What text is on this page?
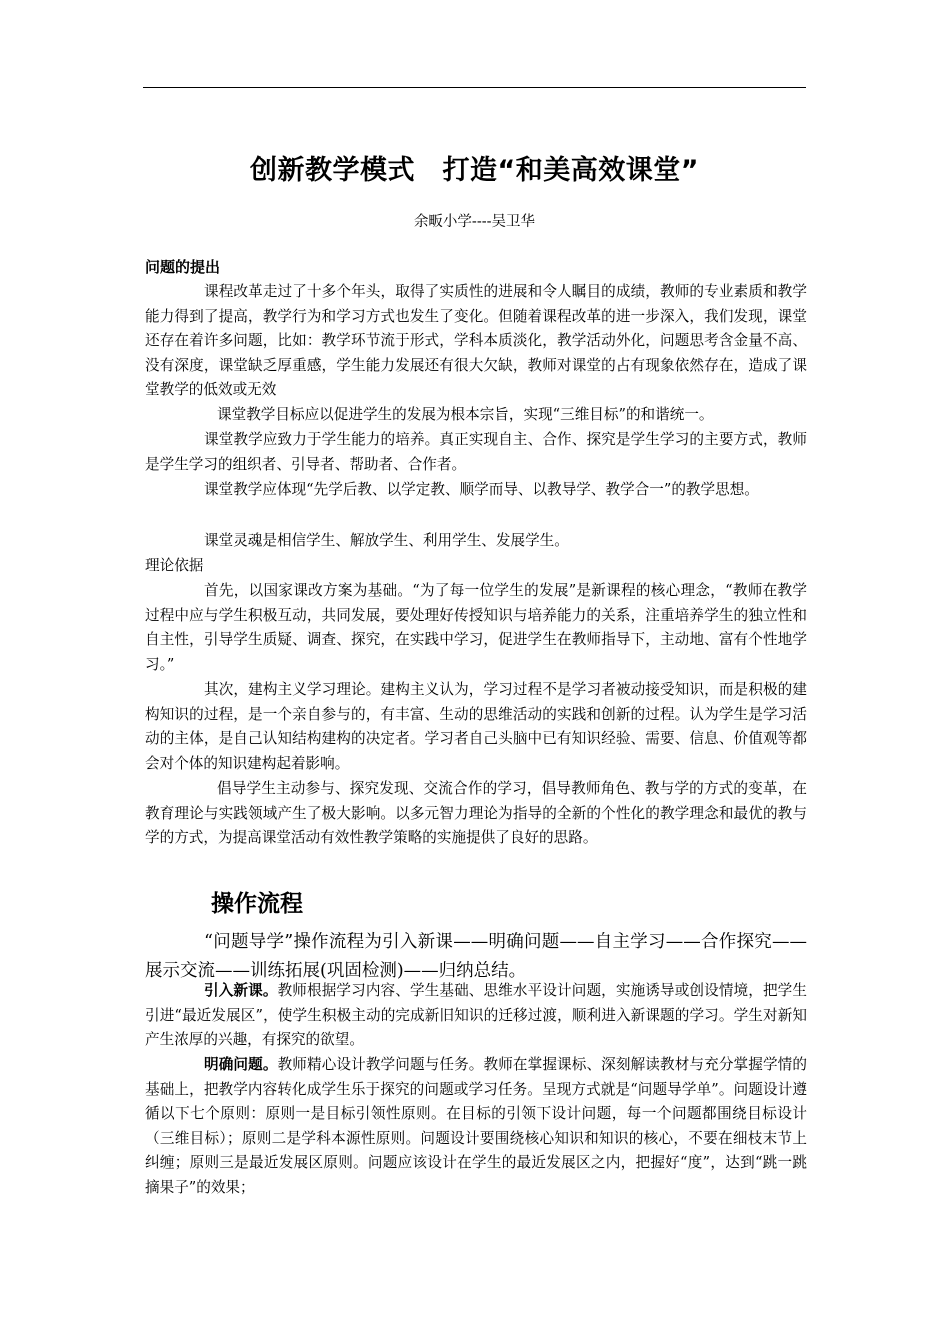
创新教学模式　打造“和美高效课堂”
余畈小学----吴卫华
问题的提出
课程改革走过了十多个年头，取得了实质性的进展和令人瞩目的成绩，教师的专业素质和教学能力得到了提高，教学行为和学习方式也发生了变化。但随着课程改革的进一步深入，我们发现，课堂还存在着许多问题，比如：教学环节流于形式，学科本质淡化，教学活动外化，问题思考含金量不高、没有深度，课堂缺乏厚重感，学生能力发展还有很大欠缺，教师对课堂的占有现象依然存在，造成了课堂教学的低效或无效
课堂教学目标应以促进学生的发展为根本宗旨，实现“三维目标”的和谐统一。
课堂教学应致力于学生能力的培养。真正实现自主、合作、探究是学生学习的主要方式，教师是学生学习的组织者、引导者、帮助者、合作者。
课堂教学应体现“先学后教、以学定教、顺学而导、以教导学、教学合一”的教学思想。
课堂灵魂是相信学生、解放学生、利用学生、发展学生。
理论依据
首先，以国家课改方案为基础。“为了每一位学生的发展”是新课程的核心理念，“教师在教学过程中应与学生积极互动，共同发展，要处理好传授知识与培养能力的关系，注重培养学生的独立性和自主性，引导学生质疑、调查、探究，在实践中学习，促进学生在教师指导下，主动地、富有个性地学习。”
其次，建构主义学习理论。建构主义认为，学习过程不是学习者被动接受知识，而是积极的建构知识的过程，是一个亲自参与的，有丰富、生动的思维活动的实践和创新的过程。认为学生是学习活动的主体，是自己认知结构建构的决定者。学习者自己头脑中已有知识经验、需要、信息、价值观等都会对个体的知识建构起着影响。
倡导学生主动参与、探究发现、交流合作的学习，倡导教师角色、教与学的方式的变革，在教育理论与实践领域产生了极大影响。以多元智力理论为指导的全新的个性化的教学理念和最优的教与学的方式，为提高课堂活动有效性教学策略的实施提供了良好的思路。
操作流程
“问题导学”操作流程为引入新课——明确问题——自主学习——合作探究——展示交流——训练拓展(巩固检测)——归纳总结。
引入新课。教师根据学习内容、学生基础、思维水平设计问题，实施诱导或创设情境，把学生引进“最近发展区”，使学生积极主动的完成新旧知识的迁移过渡，顺利进入新课题的学习。学生对新知产生浓厚的兴趣，有探究的欲望。
明确问题。教师精心设计教学问题与任务。教师在掌握课标、深刻解读教材与充分掌握学情的基础上，把教学内容转化成学生乐于探究的问题或学习任务。呈现方式就是“问题导学单”。问题设计遵循以下七个原则：原则一是目标引领性原则。在目标的引领下设计问题，每一个问题都围绕目标设计（三维目标）；原则二是学科本源性原则。问题设计要围绕核心知识和知识的核心，不要在细枝末节上纠缠；原则三是最近发展区原则。问题应该设计在学生的最近发展区之内，把握好“度”，达到“跳一跳摘果子”的效果；
